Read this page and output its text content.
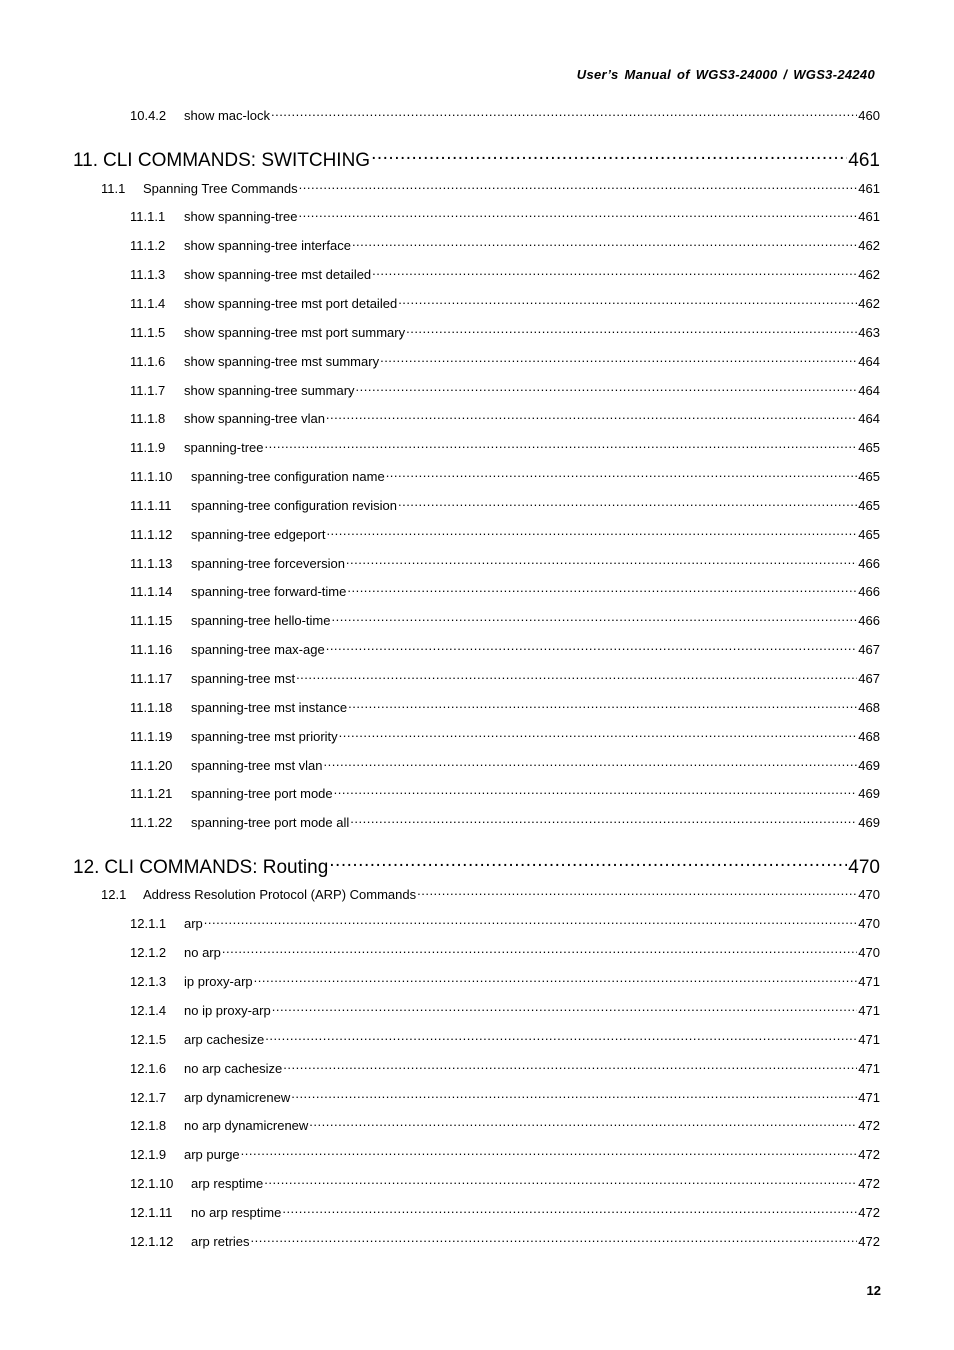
User’s Manual of WGS3-24000 / WGS3-24240
10.4.2	show mac-lock .....	460
11. CLI COMMANDS: SWITCHING .....	461
11.1	Spanning Tree Commands .....	461
11.1.1	show spanning-tree .....	461
11.1.2	show spanning-tree interface .....	462
11.1.3	show spanning-tree mst detailed .....	462
11.1.4	show spanning-tree mst port detailed .....	462
11.1.5	show spanning-tree mst port summary .....	463
11.1.6	show spanning-tree mst summary .....	464
11.1.7	show spanning-tree summary .....	464
11.1.8	show spanning-tree vlan .....	464
11.1.9	spanning-tree .....	465
11.1.10	spanning-tree configuration name .....	465
11.1.11	spanning-tree configuration revision .....	465
11.1.12	spanning-tree edgeport .....	465
11.1.13	spanning-tree forceversion .....	466
11.1.14	spanning-tree forward-time .....	466
11.1.15	spanning-tree hello-time .....	466
11.1.16	spanning-tree max-age .....	467
11.1.17	spanning-tree mst .....	467
11.1.18	spanning-tree mst instance .....	468
11.1.19	spanning-tree mst priority .....	468
11.1.20	spanning-tree mst vlan .....	469
11.1.21	spanning-tree port mode .....	469
11.1.22	spanning-tree port mode all .....	469
12. CLI COMMANDS: Routing .....	470
12.1	Address Resolution Protocol (ARP) Commands .....	470
12.1.1	arp .....	470
12.1.2	no arp .....	470
12.1.3	ip proxy-arp .....	471
12.1.4	no ip proxy-arp .....	471
12.1.5	arp cachesize .....	471
12.1.6	no arp cachesize .....	471
12.1.7	arp dynamicrenew .....	471
12.1.8	no arp dynamicrenew .....	472
12.1.9	arp purge .....	472
12.1.10	arp resptime .....	472
12.1.11	no arp resptime .....	472
12.1.12	arp retries .....	472
12
